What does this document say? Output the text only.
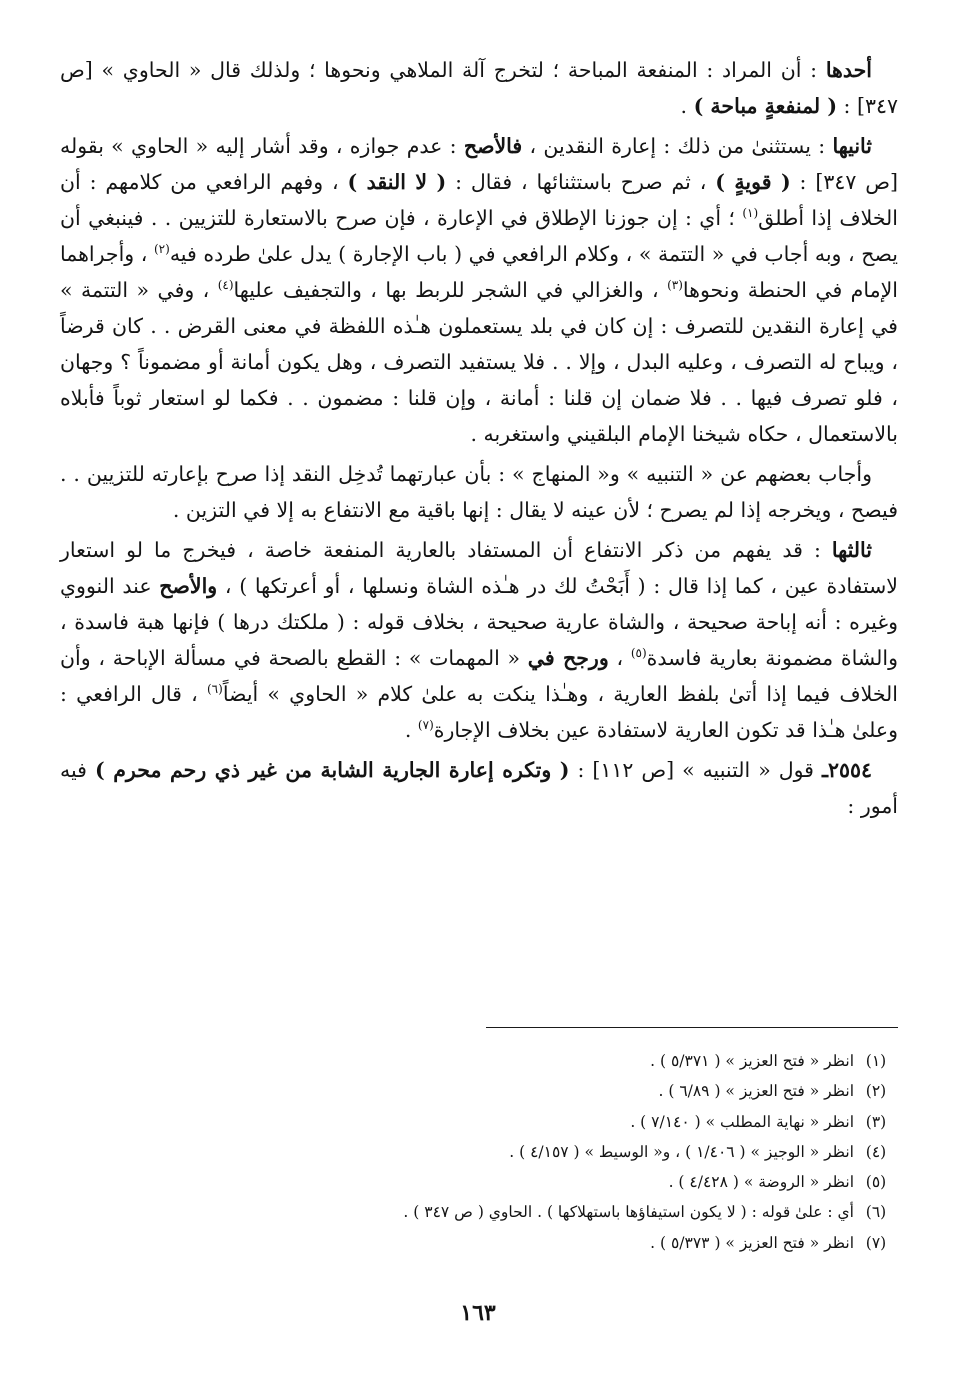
أحدها : أن المراد : المنفعة المباحة ؛ لتخرج آلة الملاهي ونحوها ؛ ولذلك قال « الحاوي » [ص ٣٤٧] : ( لمنفعةٍ مباحة ) .

ثانيها : يستثنىٰ من ذلك : إعارة النقدين ، فالأصح : عدم جوازه ، وقد أشار إليه « الحاوي » بقوله [ص ٣٤٧] : ( قويةٍ ) ، ثم صرح باستثنائها ، فقال : ( لا النقد ) ، وفهم الرافعي من كلامهم : أن الخلاف إذا أطلق$^{(١)}$ ؛ أي : إن جوزنا الإطلاق في الإعارة ، فإن صرح بالاستعارة للتزيين . . فينبغي أن يصح ، وبه أجاب في « التتمة » ، وكلام الرافعي في ( باب الإجارة ) يدل علىٰ طرده فيه$^{(٢)}$ ، وأجراهما الإمام في الحنطة ونحوها$^{(٣)}$ ، والغزالي في الشجر للربط بها ، والتجفيف عليها$^{(٤)}$ ، وفي « التتمة » في إعارة النقدين للتصرف : إن كان في بلد يستعملون هـٰذه اللفظة في معنى القرض . . كان قرضاً ، ويباح له التصرف ، وعليه البدل ، وإلا . . فلا يستفيد التصرف ، وهل يكون أمانة أو مضموناً ؟ وجهان ، فلو تصرف فيها . . فلا ضمان إن قلنا : أمانة ، وإن قلنا : مضمون . . فكما لو استعار ثوباً فأبلاه بالاستعمال ، حكاه شيخنا الإمام البلقيني واستغربه .

وأجاب بعضهم عن « التنبيه » و« المنهاج » : بأن عبارتهما تُدخِل النقد إذا صرح بإعارته للتزيين . . فيصح ، ويخرجه إذا لم يصرح ؛ لأن عينه لا يقال : إنها باقية مع الانتفاع به إلا في التزين .

ثالثها : قد يفهم من ذكر الانتفاع أن المستفاد بالعارية المنفعة خاصة ، فيخرج ما لو استعار لاستفادة عين ، كما إذا قال : ( أَبَحْتُ لك در هـٰذه الشاة ونسلها ، أو أعرتكها ) ، والأصح عند النووي وغيره : أنه إباحة صحيحة ، والشاة عارية صحيحة ، بخلاف قوله : ( ملكتك درها ) فإنها هبة فاسدة ، والشاة مضمونة بعارية فاسدة$^{(٥)}$ ، ورجح في « المهمات » : القطع بالصحة في مسألة الإباحة ، وأن الخلاف فيما إذا أتىٰ بلفظ العارية ، وهـٰذا ينكت به علىٰ كلام « الحاوي » أيضاً$^{(٦)}$ ، قال الرافعي : وعلىٰ هـٰذا قد تكون العارية لاستفادة عين بخلاف الإجارة$^{(٧)}$ .

٢٥٥٤ـ قول « التنبيه » [ص ١١٢] : ( وتكره إعارة الجارية الشابة من غير ذي رحم محرم ) فيه أمور :

(١)
انظر « فتح العزيز » ( ٥/٣٧١ ) .
(٢)
انظر « فتح العزيز » ( ٦/٨٩ ) .
(٣)
انظر « نهاية المطلب » ( ٧/١٤٠ ) .
(٤)
انظر « الوجيز » ( ١/٤٠٦ ) ، و« الوسيط » ( ٤/١٥٧ ) .
(٥)
انظر « الروضة » ( ٤/٤٢٨ ) .
(٦)
أي : علىٰ قوله : ( لا يكون استيفاؤها باستهلاكها ) . الحاوي ( ص ٣٤٧ ) .
(٧)
انظر « فتح العزيز » ( ٥/٣٧٣ ) .
١٦٣
